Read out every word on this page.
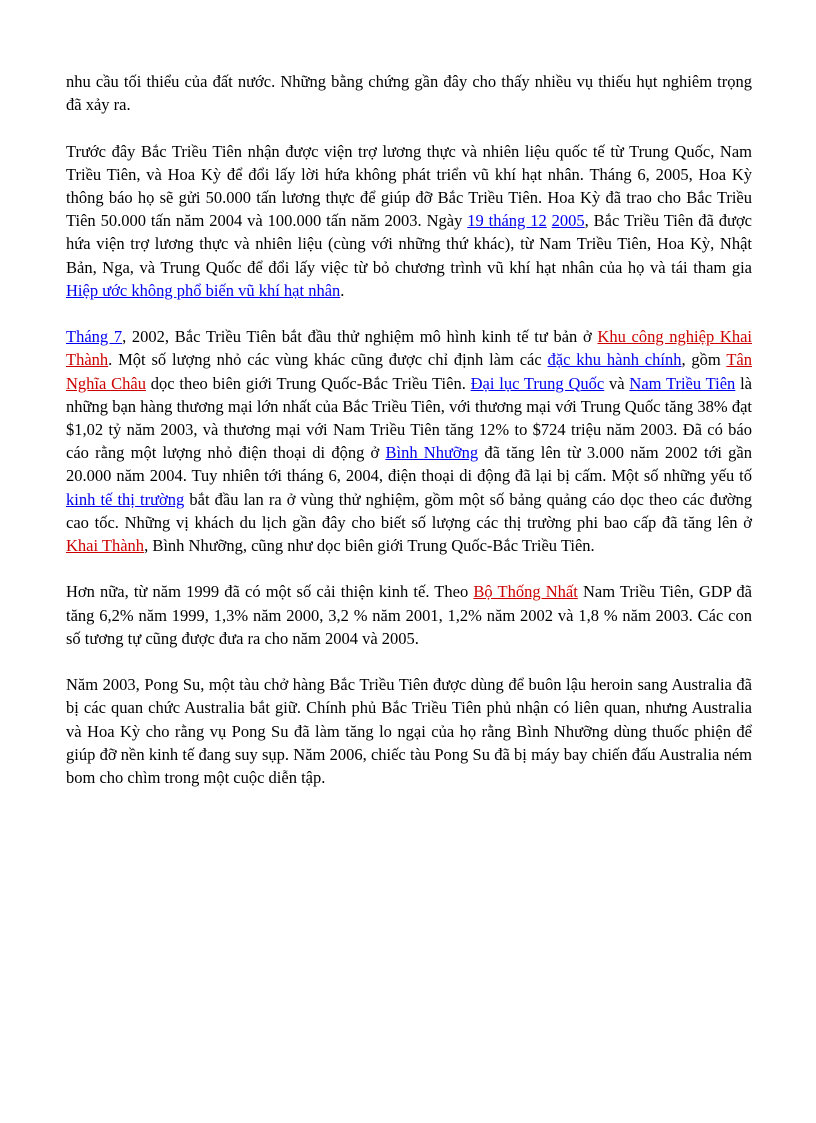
nhu cầu tối thiểu của đất nước. Những bằng chứng gần đây cho thấy nhiều vụ thiếu hụt nghiêm trọng đã xảy ra.

Trước đây Bắc Triều Tiên nhận được viện trợ lương thực và nhiên liệu quốc tế từ Trung Quốc, Nam Triều Tiên, và Hoa Kỳ để đổi lấy lời hứa không phát triển vũ khí hạt nhân. Tháng 6, 2005, Hoa Kỳ thông báo họ sẽ gửi 50.000 tấn lương thực để giúp đỡ Bắc Triều Tiên. Hoa Kỳ đã trao cho Bắc Triều Tiên 50.000 tấn năm 2004 và 100.000 tấn năm 2003. Ngày 19 tháng 12 2005, Bắc Triều Tiên đã được hứa viện trợ lương thực và nhiên liệu (cùng với những thứ khác), từ Nam Triều Tiên, Hoa Kỳ, Nhật Bản, Nga, và Trung Quốc để đổi lấy việc từ bỏ chương trình vũ khí hạt nhân của họ và tái tham gia Hiệp ước không phổ biến vũ khí hạt nhân.

Tháng 7, 2002, Bắc Triều Tiên bắt đầu thử nghiệm mô hình kinh tế tư bản ở Khu công nghiệp Khai Thành. Một số lượng nhỏ các vùng khác cũng được chỉ định làm các đặc khu hành chính, gồm Tân Nghĩa Châu dọc theo biên giới Trung Quốc-Bắc Triều Tiên. Đại lục Trung Quốc và Nam Triều Tiên là những bạn hàng thương mại lớn nhất của Bắc Triều Tiên, với thương mại với Trung Quốc tăng 38% đạt $1,02 tỷ năm 2003, và thương mại với Nam Triều Tiên tăng 12% to $724 triệu năm 2003. Đã có báo cáo rằng một lượng nhỏ điện thoại di động ở Bình Nhưỡng đã tăng lên từ 3.000 năm 2002 tới gần 20.000 năm 2004. Tuy nhiên tới tháng 6, 2004, điện thoại di động đã lại bị cấm. Một số những yếu tố kinh tế thị trường bắt đầu lan ra ở vùng thử nghiệm, gồm một số bảng quảng cáo dọc theo các đường cao tốc. Những vị khách du lịch gần đây cho biết số lượng các thị trường phi bao cấp đã tăng lên ở Khai Thành, Bình Nhưỡng, cũng như dọc biên giới Trung Quốc-Bắc Triều Tiên.

Hơn nữa, từ năm 1999 đã có một số cải thiện kinh tế. Theo Bộ Thống Nhất Nam Triều Tiên, GDP đã tăng 6,2% năm 1999, 1,3% năm 2000, 3,2 % năm 2001, 1,2% năm 2002 và 1,8 % năm 2003. Các con số tương tự cũng được đưa ra cho năm 2004 và 2005.

Năm 2003, Pong Su, một tàu chở hàng Bắc Triều Tiên được dùng để buôn lậu heroin sang Australia đã bị các quan chức Australia bắt giữ. Chính phủ Bắc Triều Tiên phủ nhận có liên quan, nhưng Australia và Hoa Kỳ cho rằng vụ Pong Su đã làm tăng lo ngại của họ rằng Bình Nhưỡng dùng thuốc phiện để giúp đỡ nền kinh tế đang suy sụp. Năm 2006, chiếc tàu Pong Su đã bị máy bay chiến đấu Australia ném bom cho chìm trong một cuộc diễn tập.
